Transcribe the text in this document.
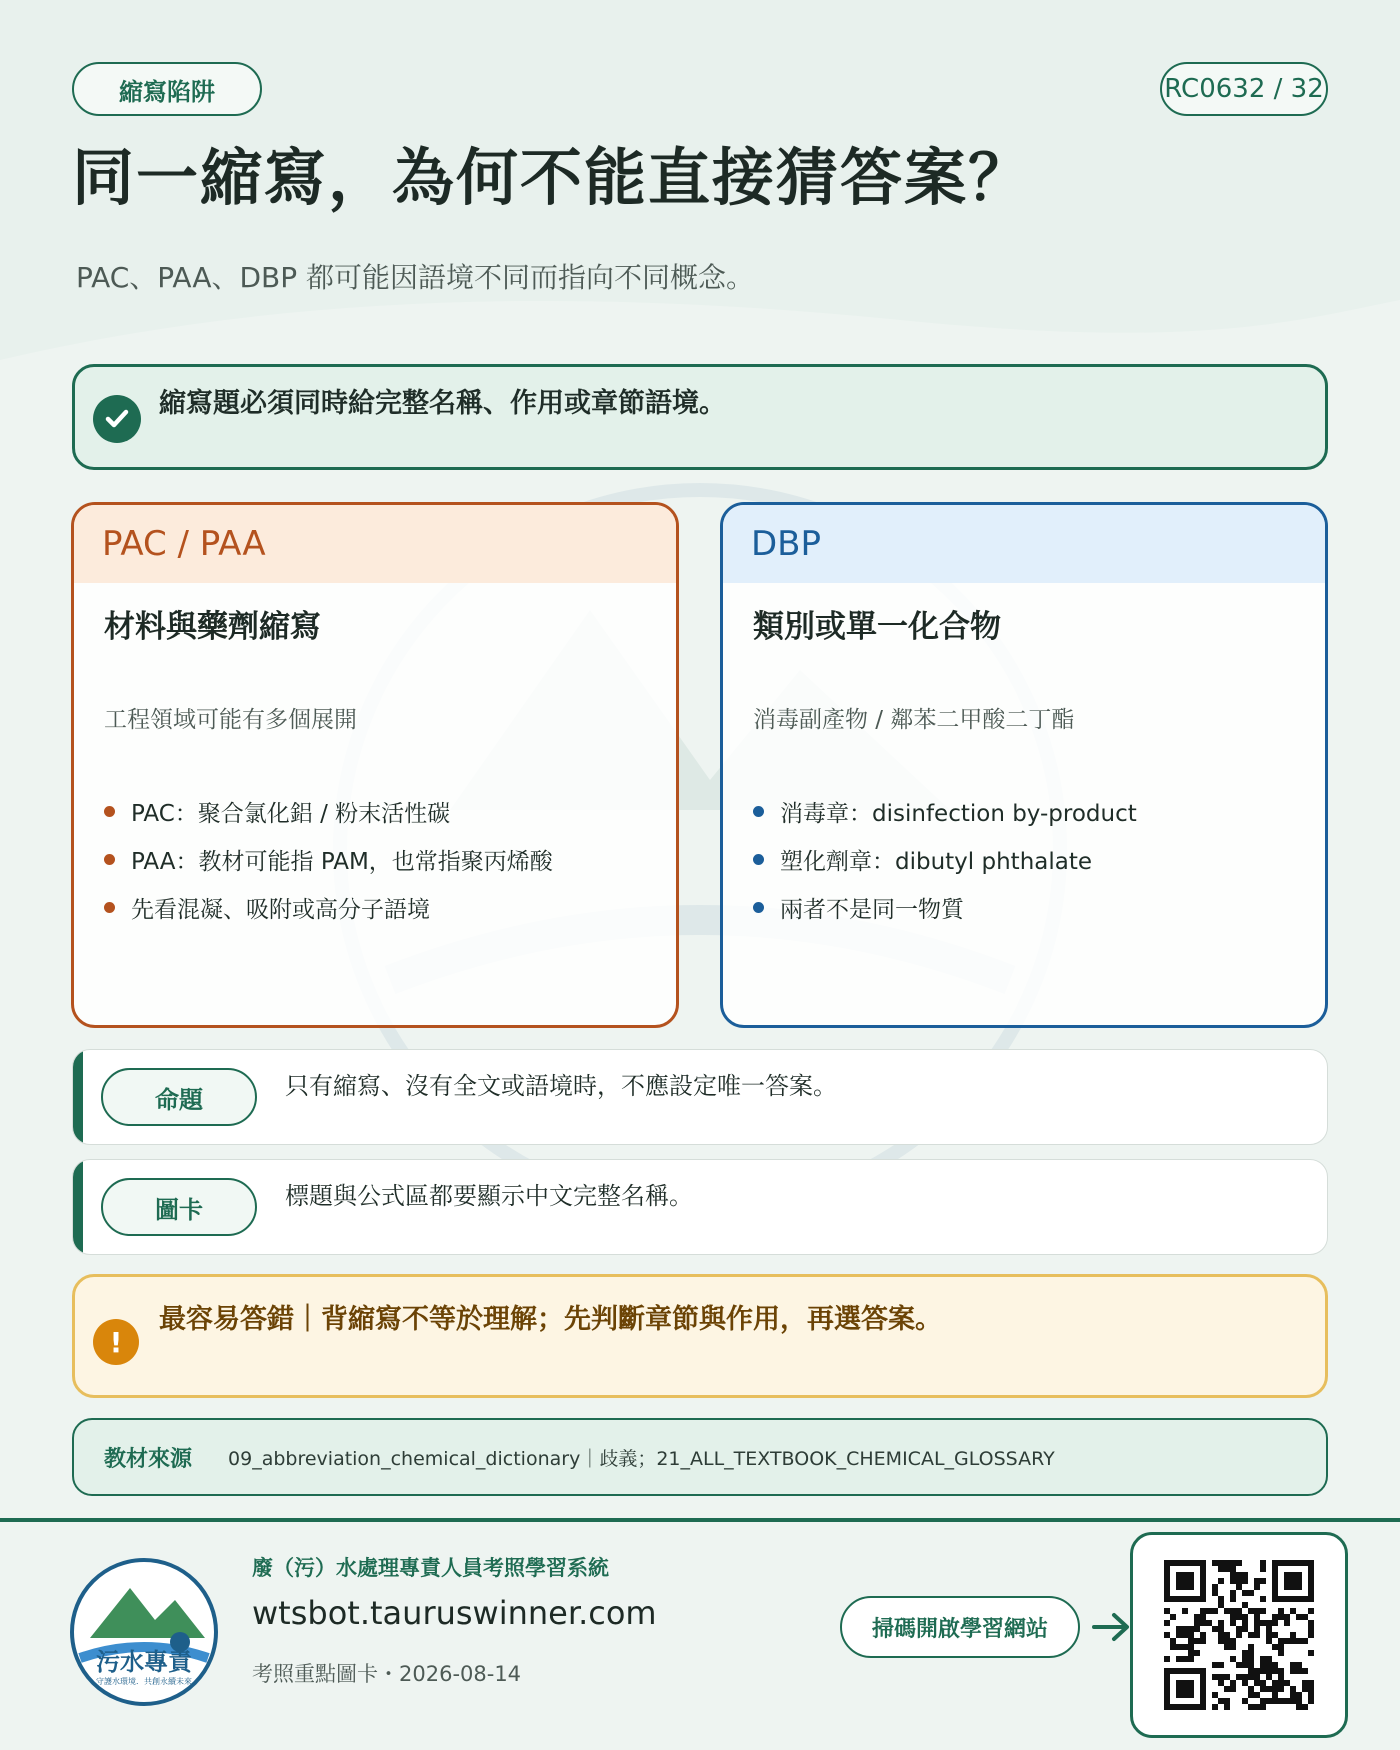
縮寫陷阱	RC0632 / 32
同一縮寫，為何不能直接猜答案？

PAC、PAA、DBP 都可能因語境不同而指向不同概念。

縮寫題必須同時給完整名稱、作用或章節語境。
PAC / PAA
材料與藥劑縮寫
工程領域可能有多個展開
PAC：聚合氯化鋁 / 粉末活性碳
PAA：教材可能指 PAM，也常指聚丙烯酸
先看混凝、吸附或高分子語境
DBP
類別或單一化合物
消毒副產物 / 鄰苯二甲酸二丁酯
消毒章：disinfection by-product
塑化劑章：dibutyl phthalate
兩者不是同一物質
命題	只有縮寫、沒有全文或語境時，不應設定唯一答案。
圖卡	標題與公式區都要顯示中文完整名稱。
!
最容易答錯｜背縮寫不等於理解；先判斷章節與作用，再選答案。
教材來源 09_abbreviation_chemical_dictionary｜歧義；21_ALL_TEXTBOOK_CHEMICAL_GLOSSARY
污水專責
— 守護水環境．共創永續未來 —
廢（污）水處理專責人員考照學習系統
wtsbot.tauruswinner.com
考照重點圖卡・2026-08-14
掃碼開啟學習網站
